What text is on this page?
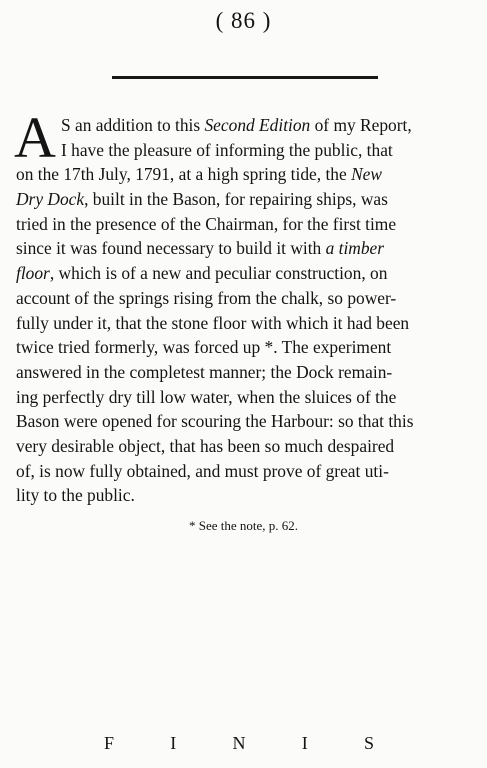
( 86 )
A S an addition to this Second Edition of my Report,
I have the pleasure of informing the public, that
on the 17th July, 1791, at a high spring tide, the New
Dry Dock, built in the Bason, for repairing ships, was
tried in the presence of the Chairman, for the first time
since it was found necessary to build it with a timber
floor, which is of a new and peculiar construction, on
account of the springs rising from the chalk, so power-
fully under it, that the stone floor with which it had been
twice tried formerly, was forced up *. The experiment
answered in the completest manner; the Dock remain-
ing perfectly dry till low water, when the sluices of the
Bason were opened for scouring the Harbour: so that this
very desirable object, that has been so much despaired
of, is now fully obtained, and must prove of great uti-
lity to the public.
* See the note, p. 62.
F	I	N	I	S
